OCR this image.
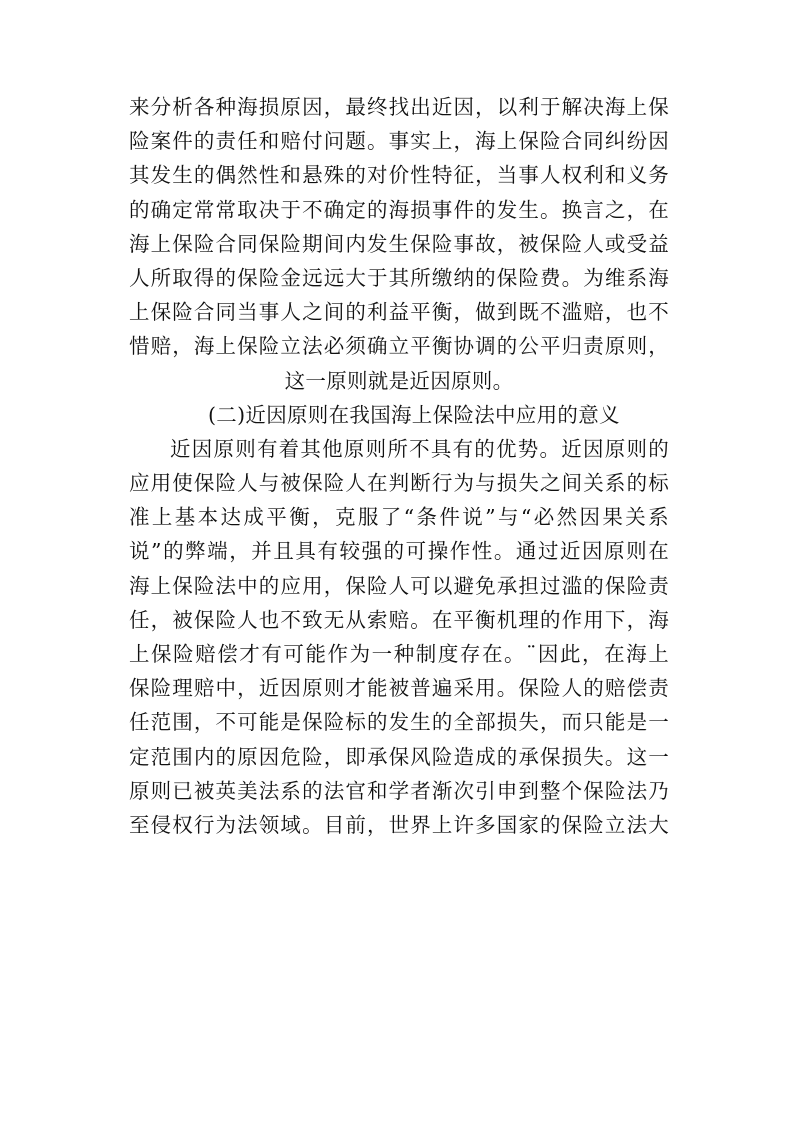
来分析各种海损原因，最终找出近因，以利于解决海上保
险案件的责任和赔付问题。事实上，海上保险合同纠纷因
其发生的偶然性和悬殊的对价性特征，当事人权利和义务
的确定常常取决于不确定的海损事件的发生。换言之，在
海上保险合同保险期间内发生保险事故，被保险人或受益
人所取得的保险金远远大于其所缴纳的保险费。为维系海
上保险合同当事人之间的利益平衡，做到既不滥赔，也不
惜赔，海上保险立法必须确立平衡协调的公平归责原则，
这一原则就是近因原则。
(二)近因原则在我国海上保险法中应用的意义
近因原则有着其他原则所不具有的优势。近因原则的
应用使保险人与被保险人在判断行为与损失之间关系的标
准上基本达成平衡，克服了“条件说”与“必然因果关系
说”的弊端，并且具有较强的可操作性。通过近因原则在
海上保险法中的应用，保险人可以避免承担过滥的保险责
任，被保险人也不致无从索赔。在平衡机理的作用下，海
上保险赔偿才有可能作为一种制度存在。¨因此，在海上
保险理赔中，近因原则才能被普遍采用。保险人的赔偿责
任范围，不可能是保险标的发生的全部损失，而只能是一
定范围内的原因危险，即承保风险造成的承保损失。这一
原则已被英美法系的法官和学者渐次引申到整个保险法乃
至侵权行为法领域。目前，世界上许多国家的保险立法大
